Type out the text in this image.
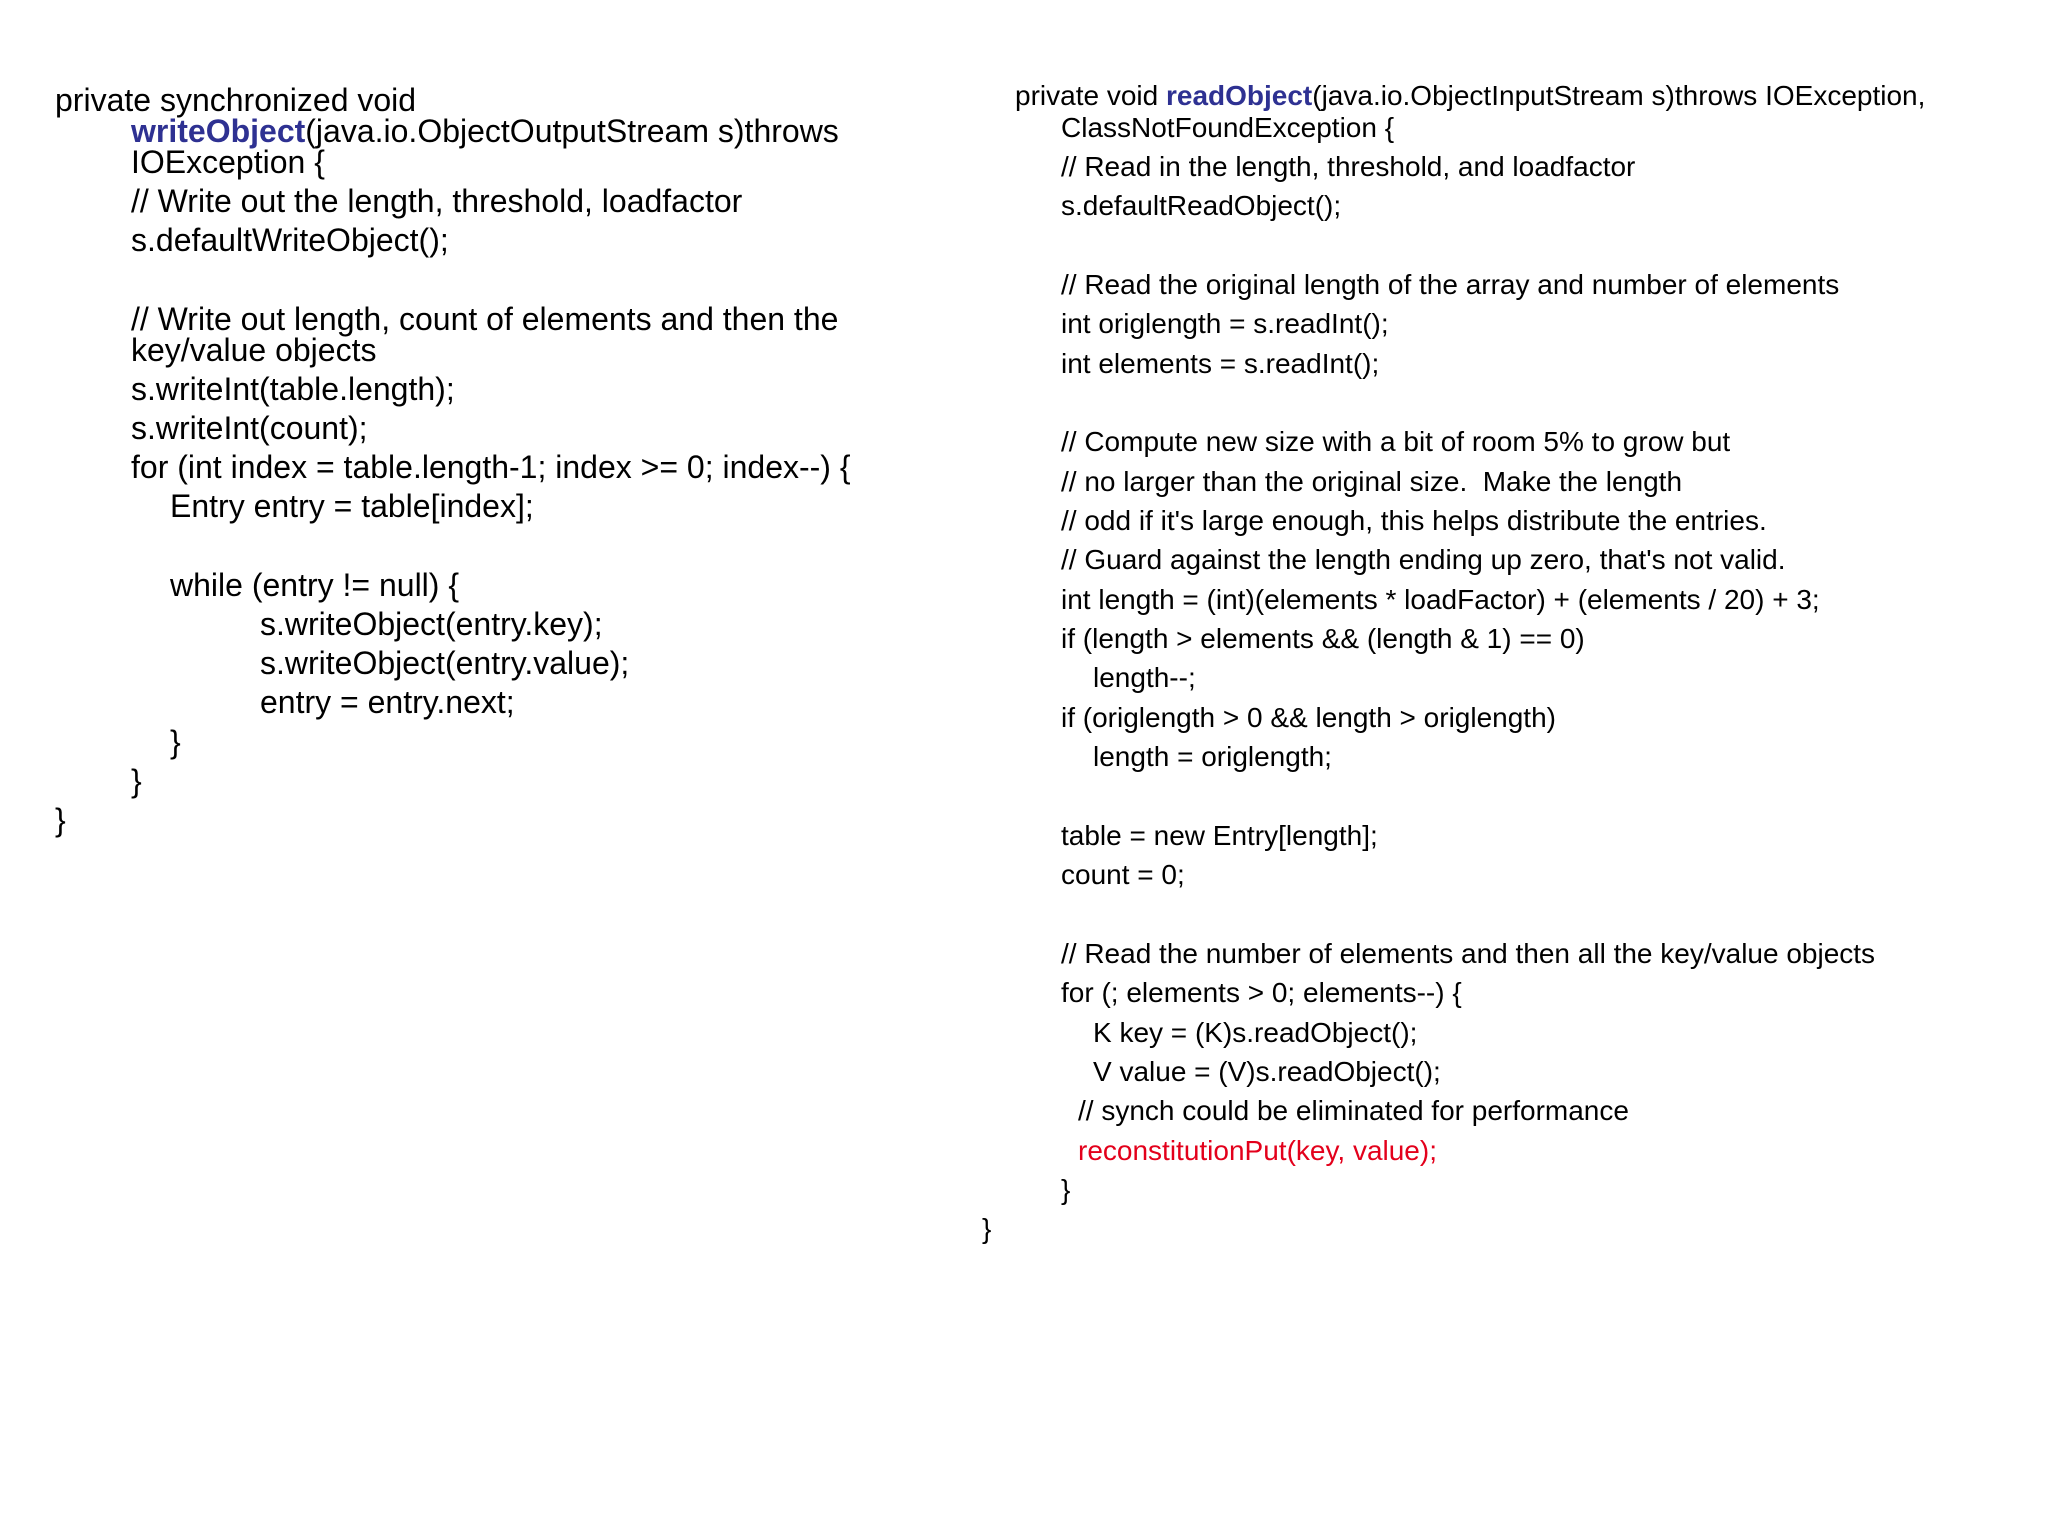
private synchronized void
writeObject(java.io.ObjectOutputStream s)throws
IOException {
// Write out the length, threshold, loadfactor
s.defaultWriteObject();
// Write out length, count of elements and then the
key/value objects
s.writeInt(table.length);
s.writeInt(count);
for (int index = table.length-1; index >= 0; index--) {
Entry entry = table[index];
while (entry != null) {
s.writeObject(entry.key);
s.writeObject(entry.value);
entry = entry.next;
}
}
}
private void readObject(java.io.ObjectInputStream s)throws IOException,
ClassNotFoundException {
// Read in the length, threshold, and loadfactor
s.defaultReadObject();
// Read the original length of the array and number of elements
int origlength = s.readInt();
int elements = s.readInt();
// Compute new size with a bit of room 5% to grow but
// no larger than the original size.  Make the length
// odd if it's large enough, this helps distribute the entries.
// Guard against the length ending up zero, that's not valid.
int length = (int)(elements * loadFactor) + (elements / 20) + 3;
if (length > elements && (length & 1) == 0)
length--;
if (origlength > 0 && length > origlength)
length = origlength;
table = new Entry[length];
count = 0;
// Read the number of elements and then all the key/value objects
for (; elements > 0; elements--) {
K key = (K)s.readObject();
V value = (V)s.readObject();
// synch could be eliminated for performance
reconstitutionPut(key, value);
}
}
